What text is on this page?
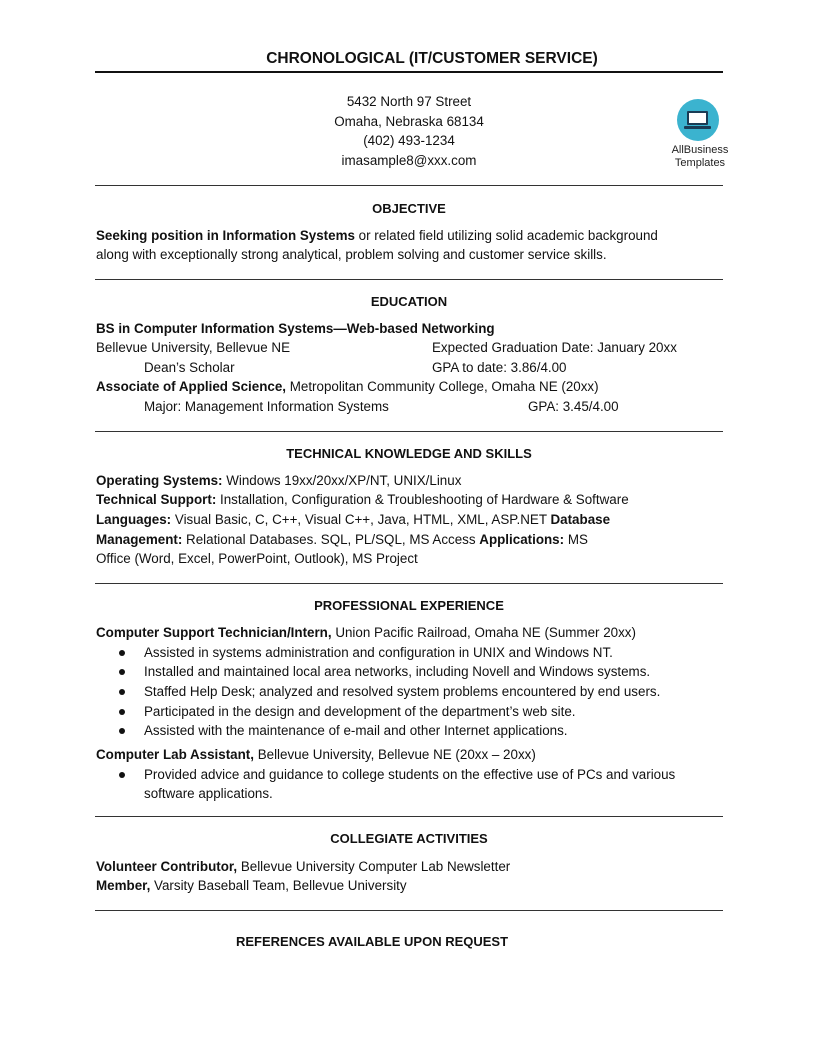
CHRONOLOGICAL (IT/CUSTOMER SERVICE)
5432 North 97 Street
Omaha, Nebraska 68134
(402) 493-1234
imasample8@xxx.com
AllBusiness
Templates
OBJECTIVE
Seeking position in Information Systems or related field utilizing solid academic background
along with exceptionally strong analytical, problem solving and customer service skills.
EDUCATION
BS in Computer Information Systems—Web-based Networking
Bellevue University, Bellevue NE	Expected Graduation Date: January 20xx
Dean’s Scholar	GPA to date: 3.86/4.00
Associate of Applied Science, Metropolitan Community College, Omaha NE (20xx)
Major: Management Information Systems	GPA: 3.45/4.00
TECHNICAL KNOWLEDGE AND SKILLS
Operating Systems: Windows 19xx/20xx/XP/NT, UNIX/Linux
Technical Support: Installation, Configuration & Troubleshooting of Hardware & Software
Languages: Visual Basic, C, C++, Visual C++, Java, HTML, XML, ASP.NET Database
Management: Relational Databases. SQL, PL/SQL, MS Access Applications: MS
Office (Word, Excel, PowerPoint, Outlook), MS Project
PROFESSIONAL EXPERIENCE
Computer Support Technician/Intern, Union Pacific Railroad, Omaha NE (Summer 20xx)
Assisted in systems administration and configuration in UNIX and Windows NT.
Installed and maintained local area networks, including Novell and Windows systems.
Staffed Help Desk; analyzed and resolved system problems encountered by end users.
Participated in the design and development of the department’s web site.
Assisted with the maintenance of e-mail and other Internet applications.
Computer Lab Assistant, Bellevue University, Bellevue NE (20xx – 20xx)
Provided advice and guidance to college students on the effective use of PCs and various
software applications.
COLLEGIATE ACTIVITIES
Volunteer Contributor, Bellevue University Computer Lab Newsletter
Member, Varsity Baseball Team, Bellevue University
REFERENCES AVAILABLE UPON REQUEST
